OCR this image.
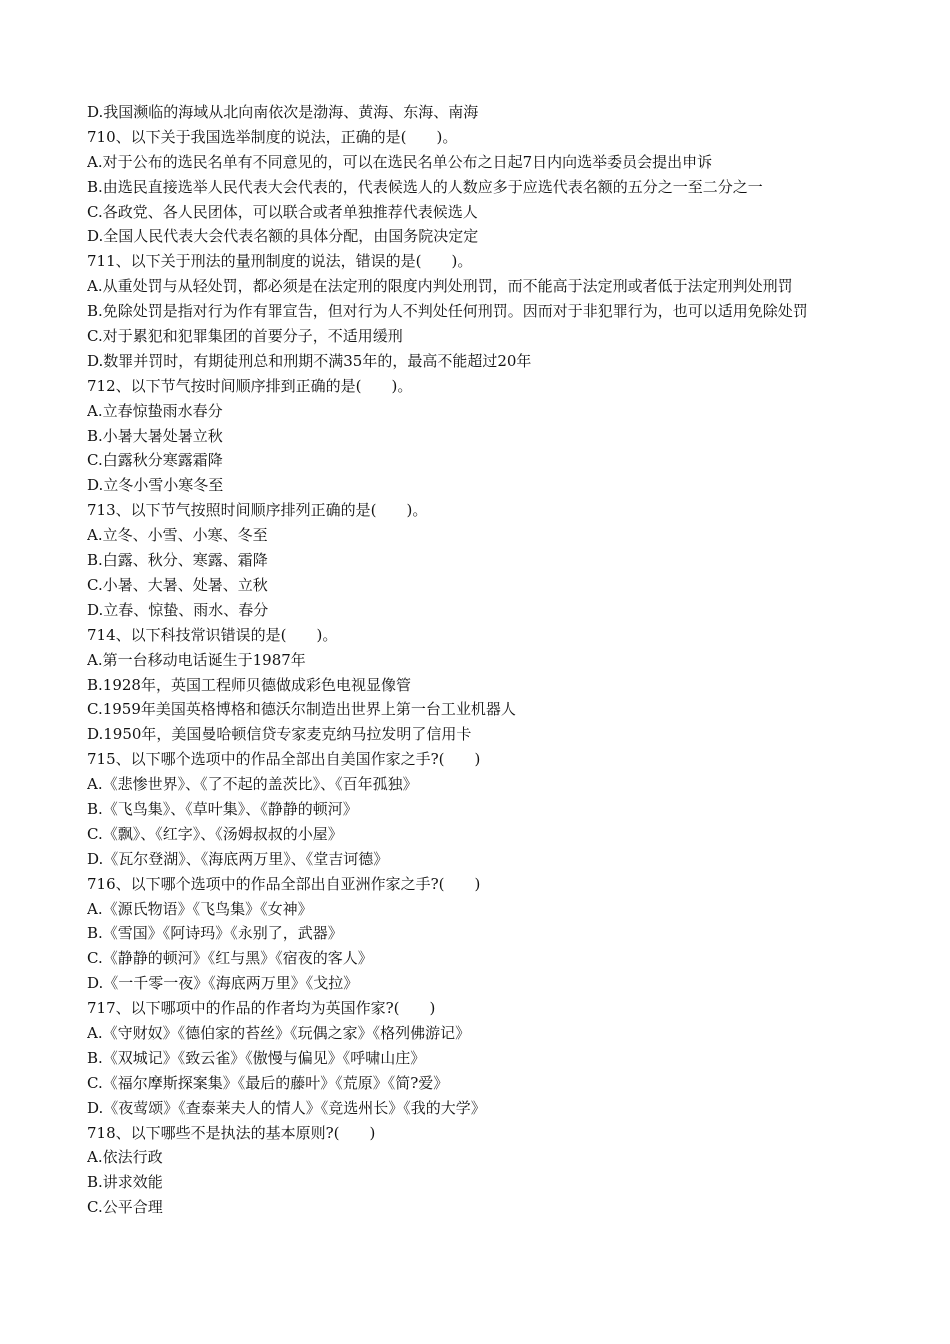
D.我国濒临的海域从北向南依次是渤海、黄海、东海、南海
710、以下关于我国选举制度的说法，正确的是(　　)。
A.对于公布的选民名单有不同意见的，可以在选民名单公布之日起7日内向选举委员会提出申诉
B.由选民直接选举人民代表大会代表的，代表候选人的人数应多于应选代表名额的五分之一至二分之一
C.各政党、各人民团体，可以联合或者单独推荐代表候选人
D.全国人民代表大会代表名额的具体分配，由国务院决定定
711、以下关于刑法的量刑制度的说法，错误的是(　　)。
A.从重处罚与从轻处罚，都必须是在法定刑的限度内判处刑罚，而不能高于法定刑或者低于法定刑判处刑罚
B.免除处罚是指对行为作有罪宣告，但对行为人不判处任何刑罚。因而对于非犯罪行为，也可以适用免除处罚
C.对于累犯和犯罪集团的首要分子，不适用缓刑
D.数罪并罚时，有期徒刑总和刑期不满35年的，最高不能超过20年
712、以下节气按时间顺序排到正确的是(　　)。
A.立春惊蛰雨水春分
B.小暑大暑处暑立秋
C.白露秋分寒露霜降
D.立冬小雪小寒冬至
713、以下节气按照时间顺序排列正确的是(　　)。
A.立冬、小雪、小寒、冬至
B.白露、秋分、寒露、霜降
C.小暑、大暑、处暑、立秋
D.立春、惊蛰、雨水、春分
714、以下科技常识错误的是(　　)。
A.第一台移动电话诞生于1987年
B.1928年，英国工程师贝德做成彩色电视显像管
C.1959年美国英格博格和德沃尔制造出世界上第一台工业机器人
D.1950年，美国曼哈顿信贷专家麦克纳马拉发明了信用卡
715、以下哪个选项中的作品全部出自美国作家之手?(　　)
A.《悲惨世界》、《了不起的盖茨比》、《百年孤独》
B.《飞鸟集》、《草叶集》、《静静的顿河》
C.《飘》、《红字》、《汤姆叔叔的小屋》
D.《瓦尔登湖》、《海底两万里》、《堂吉诃德》
716、以下哪个选项中的作品全部出自亚洲作家之手?(　　)
A.《源氏物语》《飞鸟集》《女神》
B.《雪国》《阿诗玛》《永别了，武器》
C.《静静的顿河》《红与黑》《宿夜的客人》
D.《一千零一夜》《海底两万里》《戈拉》
717、以下哪项中的作品的作者均为英国作家?(　　)
A.《守财奴》《德伯家的苔丝》《玩偶之家》《格列佛游记》
B.《双城记》《致云雀》《傲慢与偏见》《呼啸山庄》
C.《福尔摩斯探案集》《最后的藤叶》《荒原》《简?爱》
D.《夜莺颂》《查泰莱夫人的情人》《竞选州长》《我的大学》
718、以下哪些不是执法的基本原则?(　　)
A.依法行政
B.讲求效能
C.公平合理
